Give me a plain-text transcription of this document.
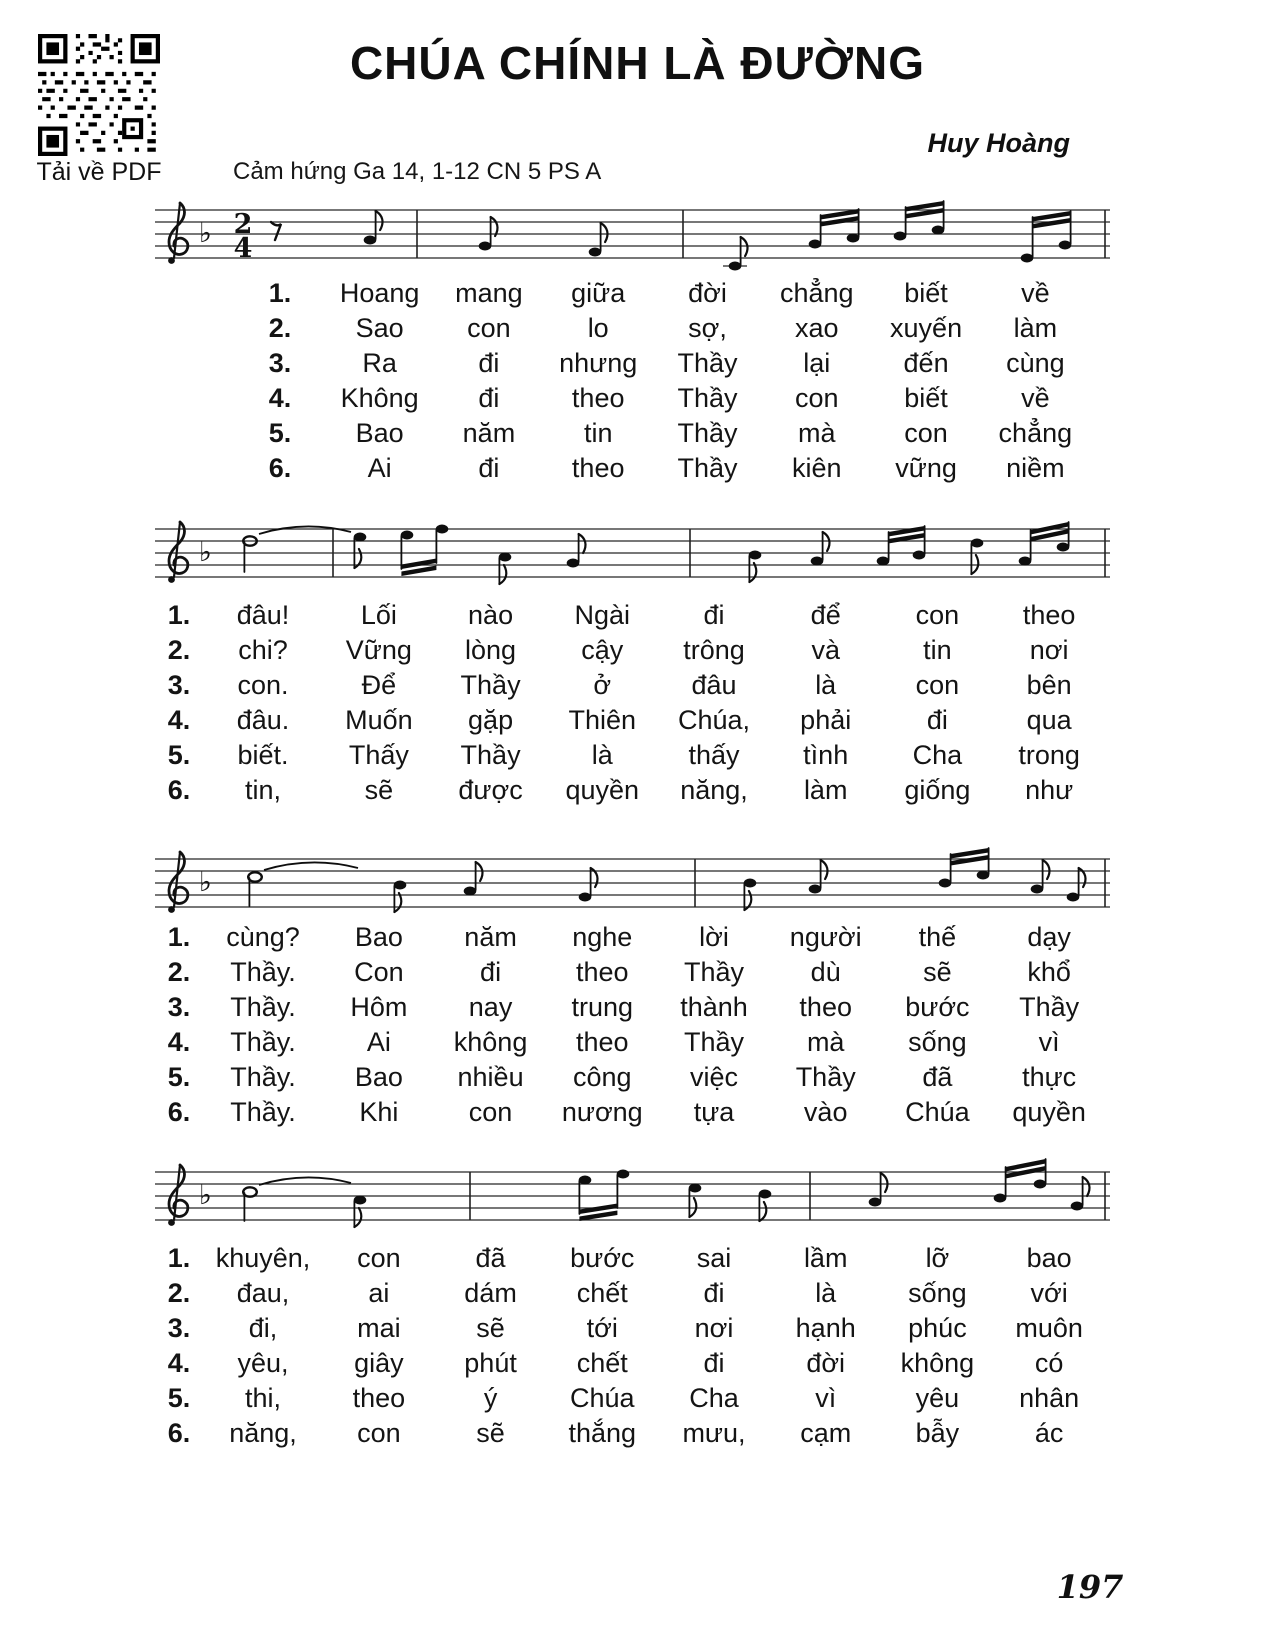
Tải về PDF
CHÚA CHÍNH LÀ ĐƯỜNG
Huy Hoàng
Cảm hứng Ga 14, 1-12 CN 5 PS A
♭ 2
4
1.	Hoang	mang	giữa	đời	chẳng	biết	về
2.	Sao	con	lo	sợ,	xao	xuyến	làm
3.	Ra	đi	nhưng	Thầy	lại	đến	cùng
4.	Không	đi	theo	Thầy	con	biết	về
5.	Bao	năm	tin	Thầy	mà	con	chẳng
6.	Ai	đi	theo	Thầy	kiên	vững	niềm
♭
1.	đâu!	Lối	nào	Ngài	đi	để	con	theo
2.	chi?	Vững	lòng	cậy	trông	và	tin	nơi
3.	con.	Để	Thầy	ở	đâu	là	con	bên
4.	đâu.	Muốn	gặp	Thiên	Chúa,	phải	đi	qua
5.	biết.	Thấy	Thầy	là	thấy	tình	Cha	trong
6.	tin,	sẽ	được	quyền	năng,	làm	giống	như
♭
1.	cùng?	Bao	năm	nghe	lời	người	thế	dạy
2.	Thầy.	Con	đi	theo	Thầy	dù	sẽ	khổ
3.	Thầy.	Hôm	nay	trung	thành	theo	bước	Thầy
4.	Thầy.	Ai	không	theo	Thầy	mà	sống	vì
5.	Thầy.	Bao	nhiều	công	việc	Thầy	đã	thực
6.	Thầy.	Khi	con	nương	tựa	vào	Chúa	quyền
♭
1. khuyên,	con	đã	bước	sai	lầm	lỡ	bao
2.	đau,	ai	dám	chết	đi	là	sống	với
3.	đi,	mai	sẽ	tới	nơi	hạnh	phúc	muôn
4.	yêu,	giây	phút	chết	đi	đời	không	có
5.	thi,	theo	ý	Chúa	Cha	vì	yêu	nhân
6.	năng,	con	sẽ	thắng	mưu,	cạm	bẫy	ác
197
